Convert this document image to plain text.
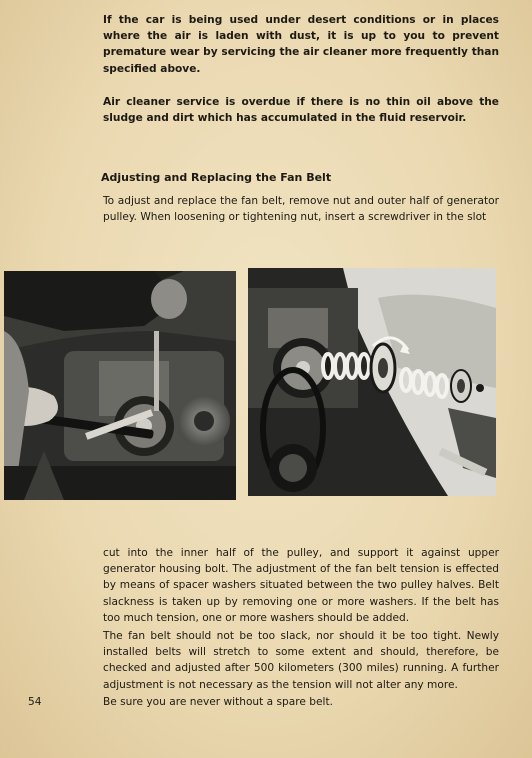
If the car is being used under desert conditions or in places where the air is laden with dust, it is up to you to prevent premature wear by servicing the air cleaner more frequently than specified above.

Air cleaner service is overdue if there is no thin oil above the sludge and dirt which has accumulated in the fluid reservoir.

Adjusting and Replacing the Fan Belt

To adjust and replace the fan belt, remove nut and outer half of generator pulley. When loosening or tightening nut, insert a screwdriver in the slot

cut into the inner half of the pulley, and support it against upper generator housing bolt. The adjustment of the fan belt tension is effected by means of spacer washers situated between the two pulley halves. Belt slackness is taken up by removing one or more washers. If the belt has too much tension, one or more washers should be added.

The fan belt should not be too slack, nor should it be too tight. Newly installed belts will stretch to some extent and should, therefore, be checked and adjusted after 500 kilometers (300 miles) running. A further adjustment is not necessary as the tension will not alter any more.

Be sure you are never without a spare belt.

54
